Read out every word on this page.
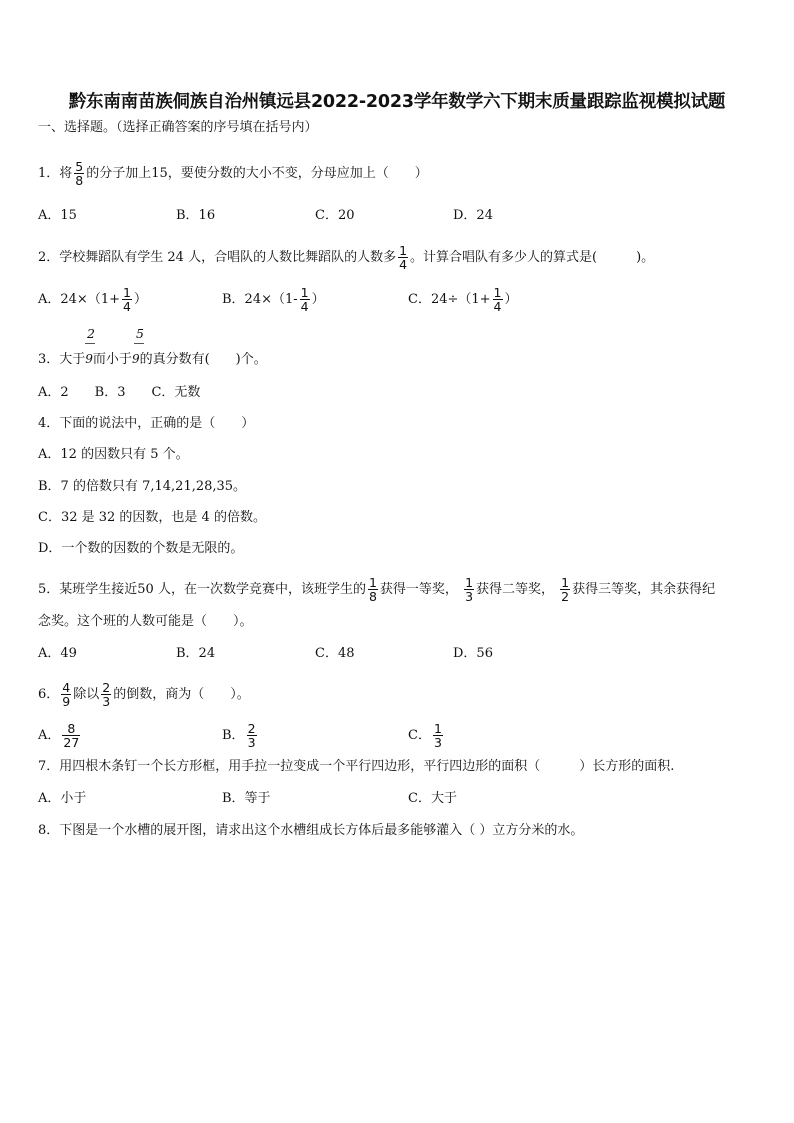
黔东南南苗族侗族自治州镇远县2022-2023学年数学六下期末质量跟踪监视模拟试题
一、选择题。（选择正确答案的序号填在括号内）
1．将 $\frac{5}{8}$ 的分子加上15，要使分数的大小不变，分母应加上（　　）
A．15	B．16	C．20	D．24
2．学校舞蹈队有学生 24 人，合唱队的人数比舞蹈队的人数多 $\frac{1}{4}$ 。计算合唱队有多少人的算式是(　　　)。
A．$24\times(1+ \frac{1}{4}$ ）	B．$24\times(1- \frac{1}{4}$ ）	C．$24\div(1+ \frac{1}{4}$ ）
2	5
3．大于9而小于9的真分数有(　　)个。
A．2　　B．3　　C．无数
4．下面的说法中，正确的是（　　）
A．12 的因数只有 5 个。
B．7 的倍数只有 7,14,21,28,35。
C．32 是 32 的因数，也是 4 的倍数。
D．一个数的因数的个数是无限的。
5．某班学生接近50 人，在一次数学竞赛中，该班学生的 $\frac{1}{8}$ 获得一等奖， $\frac{1}{3}$ 获得二等奖， $\frac{1}{2}$ 获得三等奖，其余获得纪
念奖。这个班的人数可能是（　　）。
A．49	B．24	C．48	D．56
6． $\frac{4}{9}$ 除以 $\frac{2}{3}$ 的倒数，商为（　　）。
A． $\frac{8}{27}$	B． $\frac{2}{3}$	C． $\frac{1}{3}$
7．用四根木条钉一个长方形框，用手拉一拉变成一个平行四边形，平行四边形的面积（　　　）长方形的面积.
A．小于	B．等于	C．大于
8．下图是一个水槽的展开图，请求出这个水槽组成长方体后最多能够灌入（ ）立方分米的水。
